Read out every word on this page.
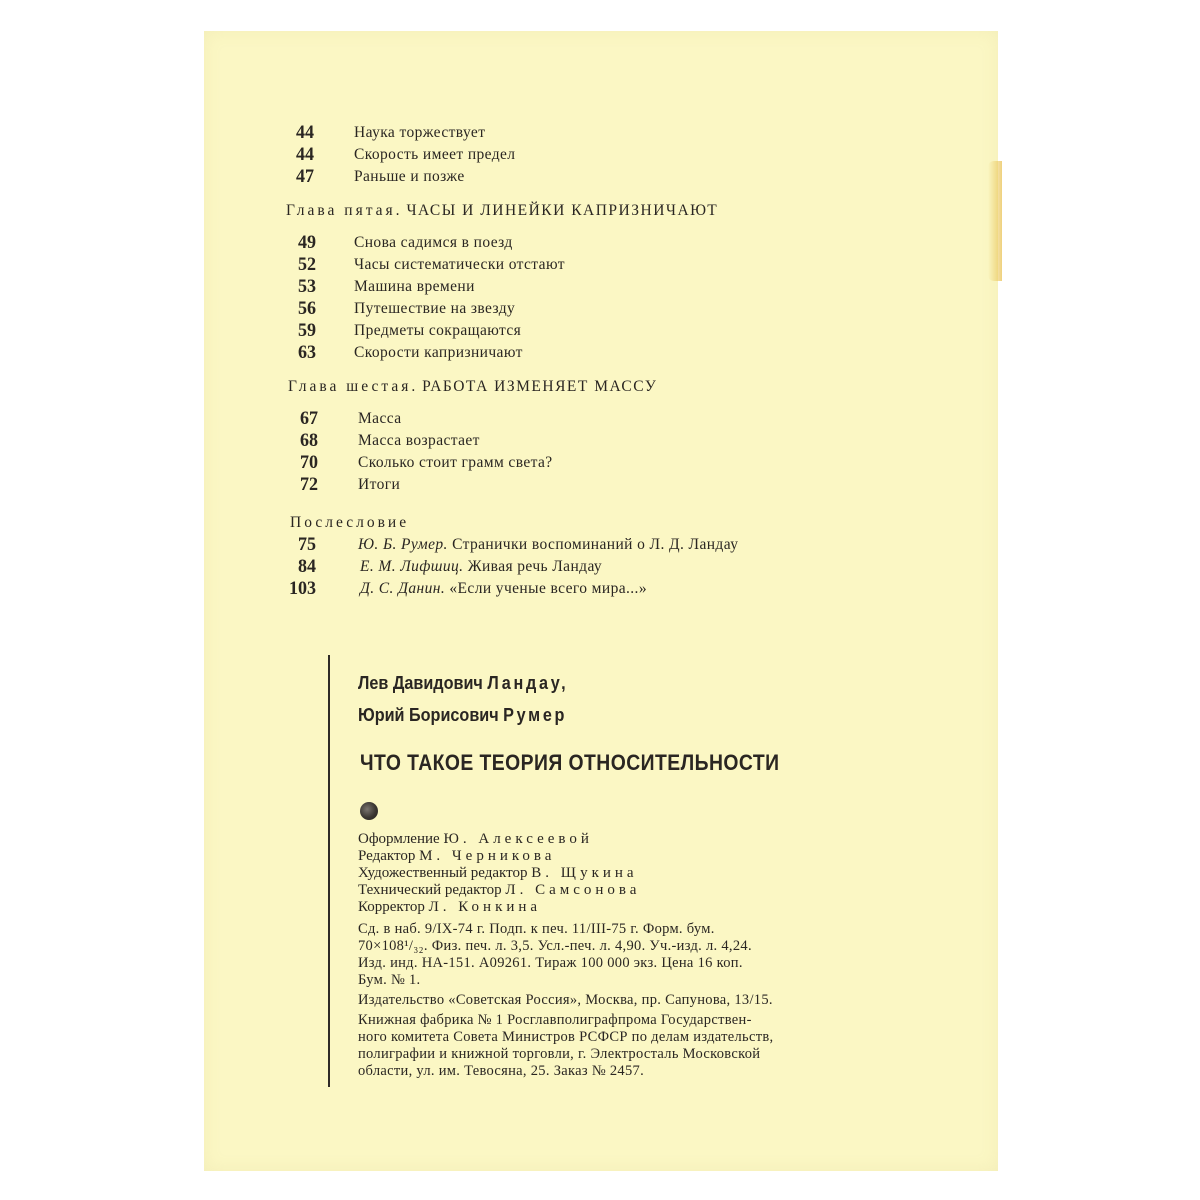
44	Наука торжествует
44	Скорость имеет предел
47	Раньше и позже
Глава пятая. ЧАСЫ И ЛИНЕЙКИ КАПРИЗНИЧАЮТ
49	Снова садимся в поезд
52	Часы систематически отстают
53	Машина времени
56	Путешествие на звезду
59	Предметы сокращаются
63	Скорости капризничают
Глава шестая. РАБОТА ИЗМЕНЯЕТ МАССУ
67	Масса
68	Масса возрастает
70	Сколько стоит грамм света?
72	Итоги
Послесловие
75	Ю. Б. Румер. Странички воспоминаний о Л. Д. Ландау
84	Е. М. Лифшиц. Живая речь Ландау
103	Д. С. Данин. «Если ученые всего мира...»
Лев Давидович Ландау,
Юрий Борисович Румер
ЧТО ТАКОЕ ТЕОРИЯ ОТНОСИТЕЛЬНОСТИ
Оформление Ю. Алексеевой
Редактор М. Черникова
Художественный редактор В. Щукина
Технический редактор Л. Самсонова
Корректор Л. Конкина
Сд. в наб. 9/IX-74 г. Подп. к печ. 11/III-75 г. Форм. бум.
70×108¹/₃₂. Физ. печ. л. 3,5. Усл.-печ. л. 4,90. Уч.-изд. л. 4,24.
Изд. инд. НА-151. А09261. Тираж 100 000 экз. Цена 16 коп.
Бум. № 1.
Издательство «Советская Россия», Москва, пр. Сапунова, 13/15.
Книжная фабрика № 1 Росглавполиграфпрома Государствен-
ного комитета Совета Министров РСФСР по делам издательств,
полиграфии и книжной торговли, г. Электросталь Московской
области, ул. им. Тевосяна, 25. Заказ № 2457.
